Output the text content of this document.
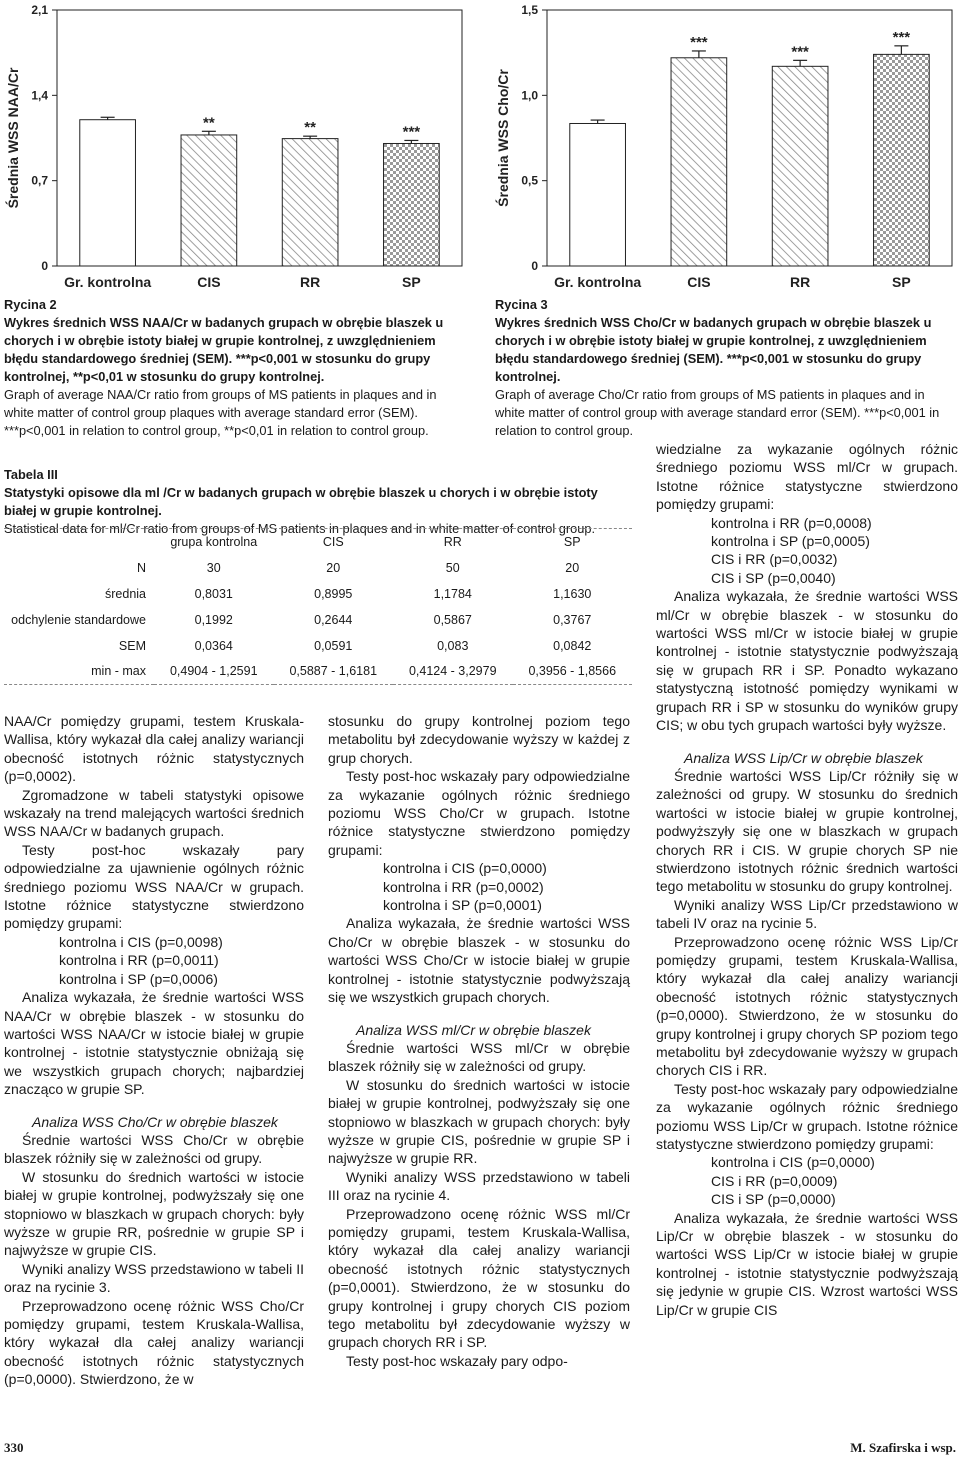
0
0,7
1,4
2,1
Średnia WSS NAA/Cr
Gr. kontrolna
**
CIS
**
RR
***
SP
0
0,5
1,0
1,5
Średnia WSS Cho/Cr
Gr. kontrolna
***
CIS
***
RR
***
SP
Rycina 2
Wykres średnich WSS NAA/Cr w badanych grupach w obrębie blaszek u chorych i w obrębie istoty białej w grupie kontrolnej, z uwzględnieniem błędu standardowego średniej (SEM). ***p<0,001 w stosunku do grupy kontrolnej, **p<0,01 w stosunku do grupy kontrolnej.
Graph of average NAA/Cr ratio from groups of MS patients in plaques and in white matter of control group plaques with average standard error (SEM). ***p<0,001 in relation to control group, **p<0,01 in relation to control group.
Rycina 3
Wykres średnich WSS Cho/Cr w badanych grupach w obrębie blaszek u chorych i w obrębie istoty białej w grupie kontrolnej, z uwzględnieniem błędu standardowego średniej (SEM). ***p<0,001 w stosunku do grupy kontrolnej.
Graph of average Cho/Cr ratio from groups of MS patients in plaques and in white matter of control group with average standard error (SEM). ***p<0,001 in relation to control group.
Tabela III
Statystyki opisowe dla ml /Cr w badanych grupach w obrębie blaszek u chorych i w obrębie istoty białej w grupie kontrolnej.
Statistical data for ml/Cr ratio from groups of MS patients in plaques and in white matter of control group.
	grupa kontrolna	CIS	RR	SP
N	30	20	50	20
średnia	0,8031	0,8995	1,1784	1,1630
odchylenie standardowe	0,1992	0,2644	0,5867	0,3767
SEM	0,0364	0,0591	0,083	0,0842
min - max	0,4904 - 1,2591	0,5887 - 1,6181	0,4124 - 3,2979	0,3956 - 1,8566

NAA/Cr pomiędzy grupami, testem Kruskala-Wallisa, który wykazał dla całej analizy wariancji obecność istotnych różnic statystycznych (p=0,0002).

Zgromadzone w tabeli statystyki opisowe wskazały na trend malejących wartości średnich WSS NAA/Cr w badanych grupach.

Testy post-hoc wskazały pary odpowiedzialne za ujawnienie ogólnych różnic średniego poziomu WSS NAA/Cr w grupach. Istotne różnice statystyczne stwierdzono pomiędzy grupami:

kontrolna i CIS (p=0,0098)

kontrolna i RR (p=0,0011)

kontrolna i SP (p=0,0006)

Analiza wykazała, że średnie wartości WSS NAA/Cr w obrębie blaszek - w stosunku do wartości WSS NAA/Cr w istocie białej w grupie kontrolnej - istotnie statystycznie obniżają się we wszystkich grupach chorych; najbardziej znacząco w grupie SP.

Analiza WSS Cho/Cr w obrębie blaszek

Średnie wartości WSS Cho/Cr w obrębie blaszek różniły się w zależności od grupy.

W stosunku do średnich wartości w istocie białej w grupie kontrolnej, podwyższały się one stopniowo w blaszkach w grupach chorych: były wyższe w grupie RR, pośrednie w grupie SP i najwyższe w grupie CIS.

Wyniki analizy WSS przedstawiono w tabeli II oraz na rycinie 3.

Przeprowadzono ocenę różnic WSS Cho/Cr pomiędzy grupami, testem Kruskala-Wallisa, który wykazał dla całej analizy wariancji obecność istotnych różnic statystycznych (p=0,0000). Stwierdzono, że w

stosunku do grupy kontrolnej poziom tego metabolitu był zdecydowanie wyższy w każdej z grup chorych.

Testy post-hoc wskazały pary odpowiedzialne za wykazanie ogólnych różnic średniego poziomu WSS Cho/Cr w grupach. Istotne różnice statystyczne stwierdzono pomiędzy grupami:

kontrolna i CIS (p=0,0000)

kontrolna i RR (p=0,0002)

kontrolna i SP (p=0,0001)

Analiza wykazała, że średnie wartości WSS Cho/Cr w obrębie blaszek - w stosunku do wartości WSS Cho/Cr w istocie białej w grupie kontrolnej - istotnie statystycznie podwyższają się we wszystkich grupach chorych.

Analiza WSS ml/Cr w obrębie blaszek

Średnie wartości WSS ml/Cr w obrębie blaszek różniły się w zależności od grupy.

W stosunku do średnich wartości w istocie białej w grupie kontrolnej, podwyższały się one stopniowo w blaszkach w grupach chorych: były wyższe w grupie CIS, pośrednie w grupie SP i najwyższe w grupie RR.

Wyniki analizy WSS przedstawiono w tabeli III oraz na rycinie 4.

Przeprowadzono ocenę różnic WSS ml/Cr pomiędzy grupami, testem Kruskala-Wallisa, który wykazał dla całej analizy wariancji obecność istotnych różnic statystycznych (p=0,0001). Stwierdzono, że w stosunku do grupy kontrolnej i grupy chorych CIS poziom tego metabolitu był zdecydowanie wyższy w grupach chorych RR i SP.

Testy post-hoc wskazały pary odpo-

wiedzialne za wykazanie ogólnych różnic średniego poziomu WSS ml/Cr w grupach. Istotne różnice statystyczne stwierdzono pomiędzy grupami:

kontrolna i RR (p=0,0008)

kontrolna i SP (p=0,0005)

CIS i RR (p=0,0032)

CIS i SP (p=0,0040)

Analiza wykazała, że średnie wartości WSS ml/Cr w obrębie blaszek - w stosunku do wartości WSS ml/Cr w istocie białej w grupie kontrolnej - istotnie statystycznie podwyższają się w grupach RR i SP. Ponadto wykazano statystyczną istotność pomiędzy wynikami w grupach RR i SP w stosunku do wyników grupy CIS; w obu tych grupach wartości były wyższe.

Analiza WSS Lip/Cr w obrębie blaszek

Średnie wartości WSS Lip/Cr różniły się w zależności od grupy. W stosunku do średnich wartości w istocie białej w grupie kontrolnej, podwyższyły się one w blaszkach w grupach chorych RR i CIS. W grupie chorych SP nie stwierdzono istotnych różnic średnich wartości tego metabolitu w stosunku do grupy kontrolnej.

Wyniki analizy WSS Lip/Cr przedstawiono w tabeli IV oraz na rycinie 5.

Przeprowadzono ocenę różnic WSS Lip/Cr pomiędzy grupami, testem Kruskala-Wallisa, który wykazał dla całej analizy wariancji obecność istotnych różnic statystycznych (p=0,0000). Stwierdzono, że w stosunku do grupy kontrolnej i grupy chorych SP poziom tego metabolitu był zdecydowanie wyższy w grupach chorych CIS i RR.

Testy post-hoc wskazały pary odpowiedzialne za wykazanie ogólnych różnic średniego poziomu WSS Lip/Cr w grupach. Istotne różnice statystyczne stwierdzono pomiędzy grupami:

kontrolna i CIS (p=0,0000)

CIS i RR (p=0,0009)

CIS i SP (p=0,0000)

Analiza wykazała, że średnie wartości WSS Lip/Cr w obrębie blaszek - w stosunku do wartości WSS Lip/Cr w istocie białej w grupie kontrolnej - istotnie statystycznie podwyższają się jedynie w grupie CIS. Wzrost wartości WSS Lip/Cr w grupie CIS

330	M. Szafirska i wsp.
